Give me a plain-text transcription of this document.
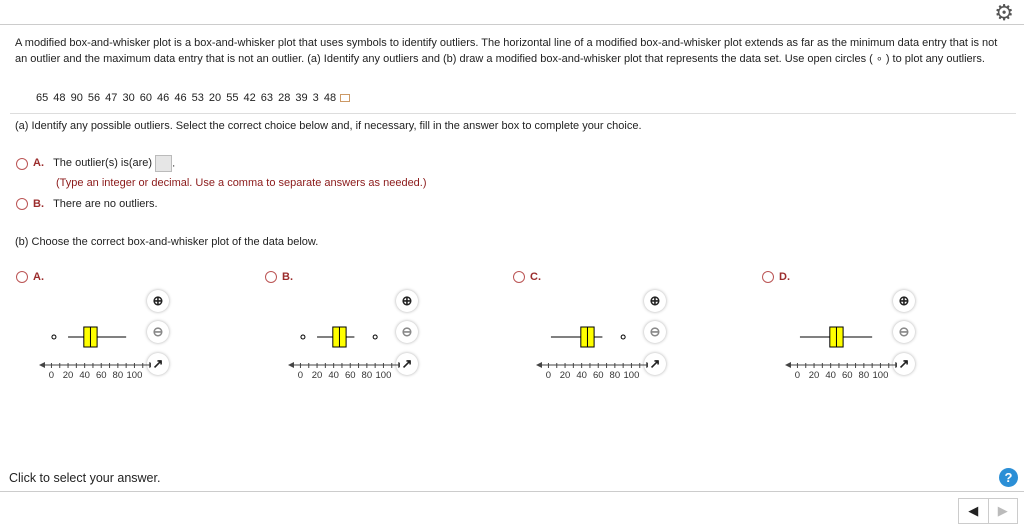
⚙
A modified box-and-whisker plot is a box-and-whisker plot that uses symbols to identify outliers. The horizontal line of a modified box-and-whisker plot extends as far as the minimum data entry that is not an outlier and the maximum data entry that is not an outlier. (a) Identify any outliers and (b) draw a modified box-and-whisker plot that represents the data set. Use open circles ( ∘ ) to plot any outliers.
65 48 90 56 47 30 60 46 46 53 20 55 42 63 28 39 3 48
(a) Identify any possible outliers. Select the correct choice below and, if necessary, fill in the answer box to complete your choice.
A. The outlier(s) is(are) .
(Type an integer or decimal. Use a comma to separate answers as needed.)
B. There are no outliers.
(b) Choose the correct box-and-whisker plot of the data below.
A.
⊕
⊖
↗
0 20 40 60 80 100
B.
⊕
⊖
↗
0 20 40 60 80 100
C.
⊕
⊖
↗
0 20 40 60 80 100
D.
⊕
⊖
↗
0 20 40 60 80 100
Click to select your answer.	?
◀	▶
